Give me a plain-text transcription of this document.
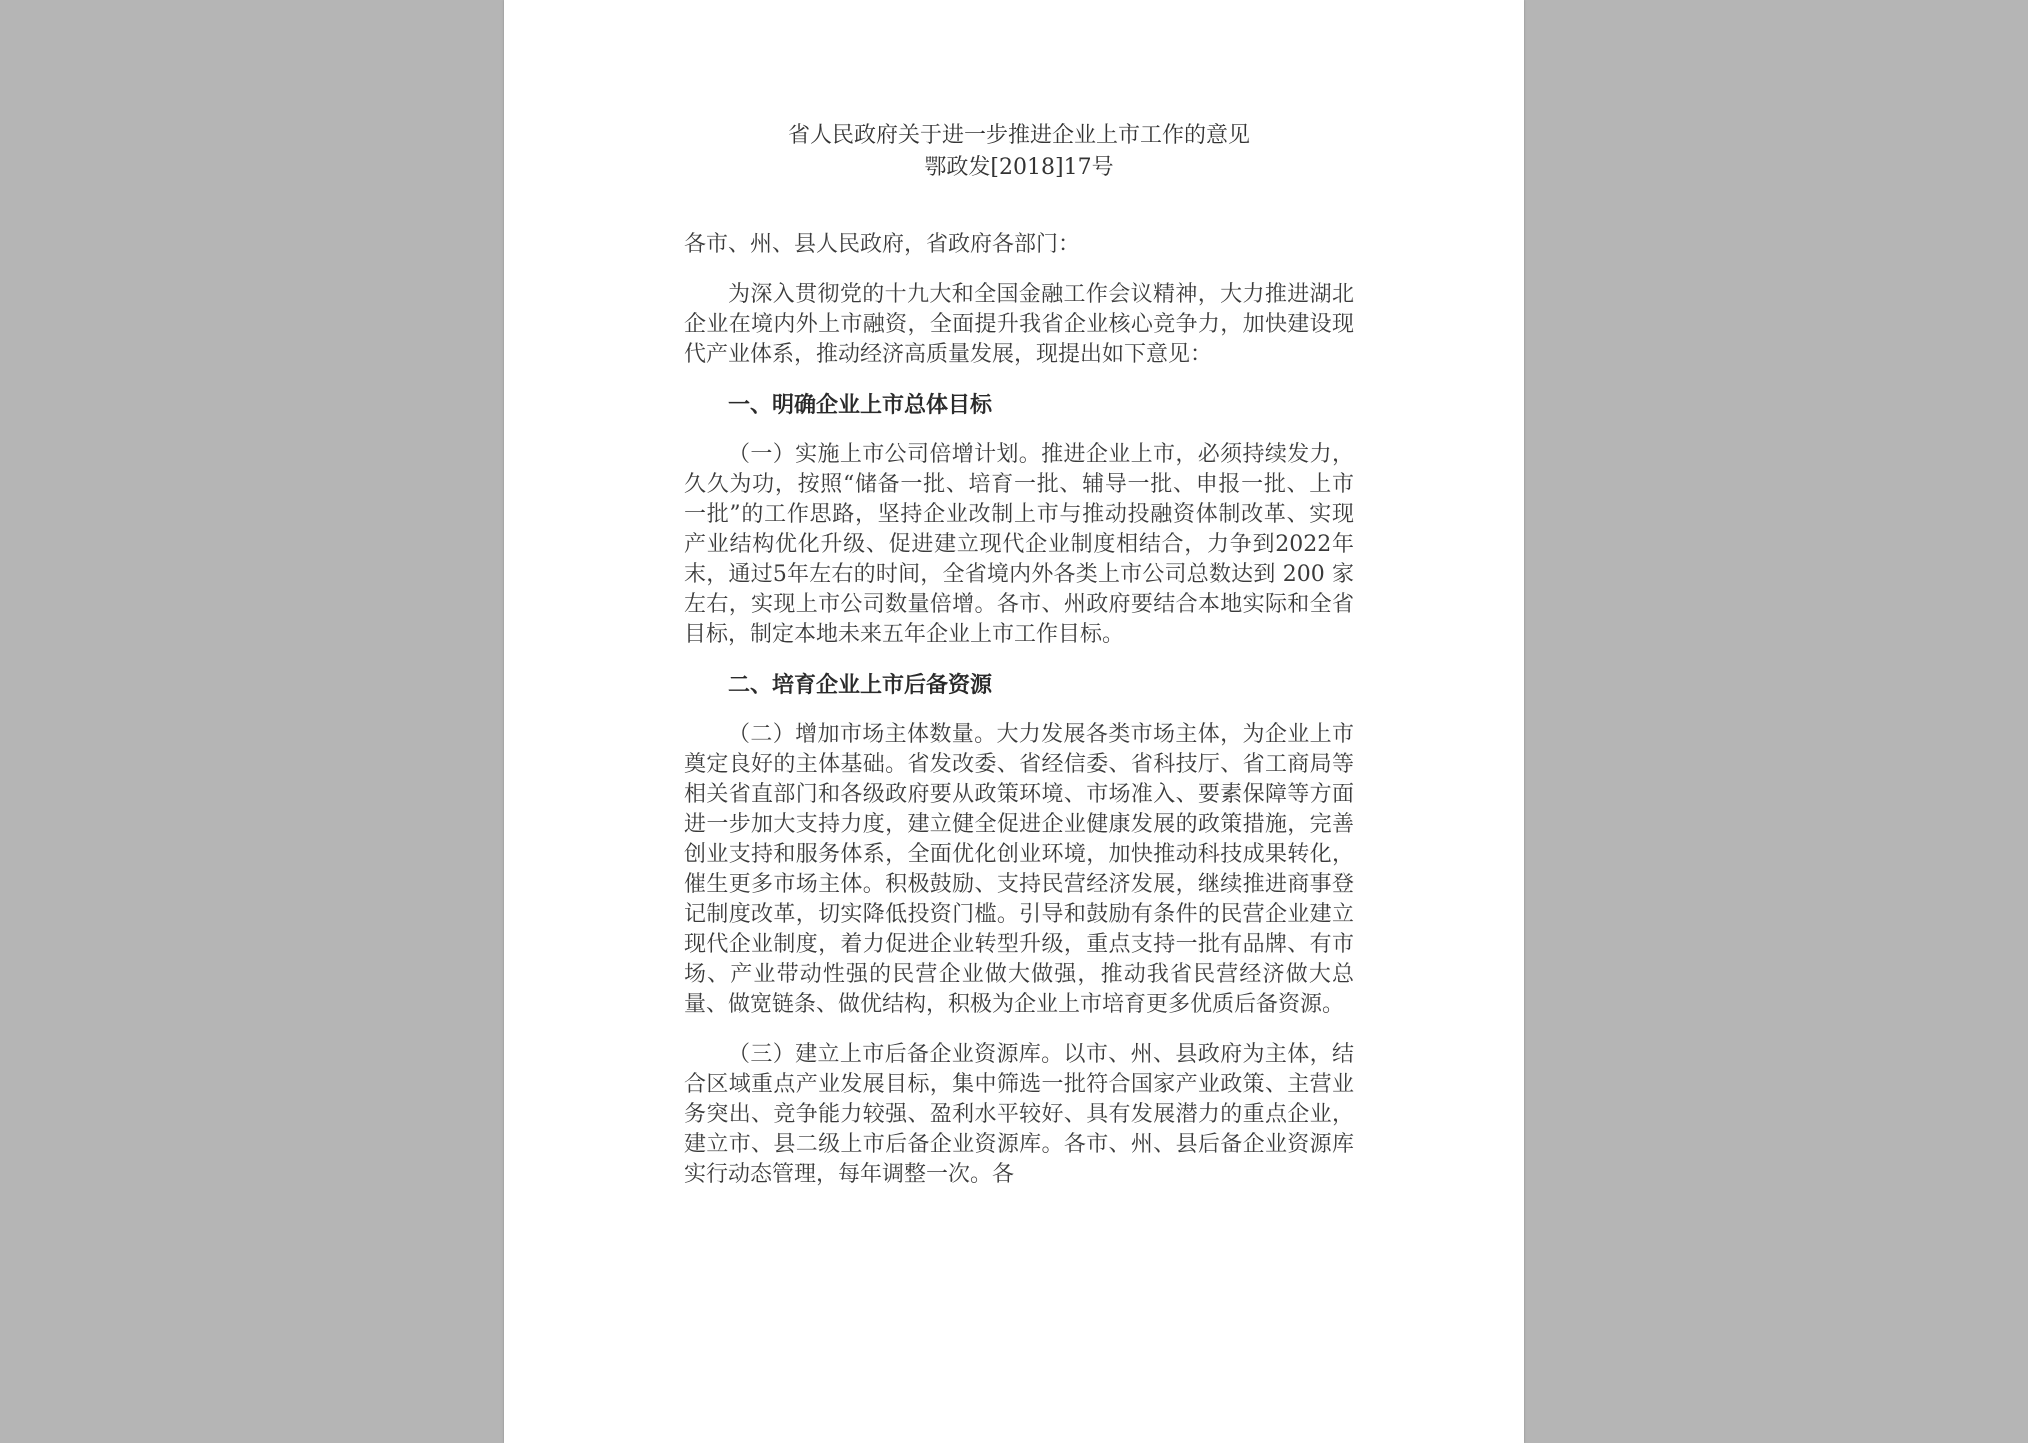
省人民政府关于进一步推进企业上市工作的意见

鄂政发[2018]17号

各市、州、县人民政府，省政府各部门：

为深入贯彻党的十九大和全国金融工作会议精神，大力推进湖北企业在境内外上市融资，全面提升我省企业核心竞争力，加快建设现代产业体系，推动经济高质量发展，现提出如下意见：

一、明确企业上市总体目标

（一）实施上市公司倍增计划。推进企业上市，必须持续发力，久久为功，按照“储备一批、培育一批、辅导一批、申报一批、上市一批”的工作思路，坚持企业改制上市与推动投融资体制改革、实现产业结构优化升级、促进建立现代企业制度相结合，力争到2022年末，通过5年左右的时间，全省境内外各类上市公司总数达到 200 家左右，实现上市公司数量倍增。各市、州政府要结合本地实际和全省目标，制定本地未来五年企业上市工作目标。

二、培育企业上市后备资源

（二）增加市场主体数量。大力发展各类市场主体，为企业上市奠定良好的主体基础。省发改委、省经信委、省科技厅、省工商局等相关省直部门和各级政府要从政策环境、市场准入、要素保障等方面进一步加大支持力度，建立健全促进企业健康发展的政策措施，完善创业支持和服务体系，全面优化创业环境，加快推动科技成果转化，催生更多市场主体。积极鼓励、支持民营经济发展，继续推进商事登记制度改革，切实降低投资门槛。引导和鼓励有条件的民营企业建立现代企业制度，着力促进企业转型升级，重点支持一批有品牌、有市场、产业带动性强的民营企业做大做强，推动我省民营经济做大总量、做宽链条、做优结构，积极为企业上市培育更多优质后备资源。

（三）建立上市后备企业资源库。以市、州、县政府为主体，结合区域重点产业发展目标，集中筛选一批符合国家产业政策、主营业务突出、竞争能力较强、盈利水平较好、具有发展潜力的重点企业，建立市、县二级上市后备企业资源库。各市、州、县后备企业资源库实行动态管理，每年调整一次。各
